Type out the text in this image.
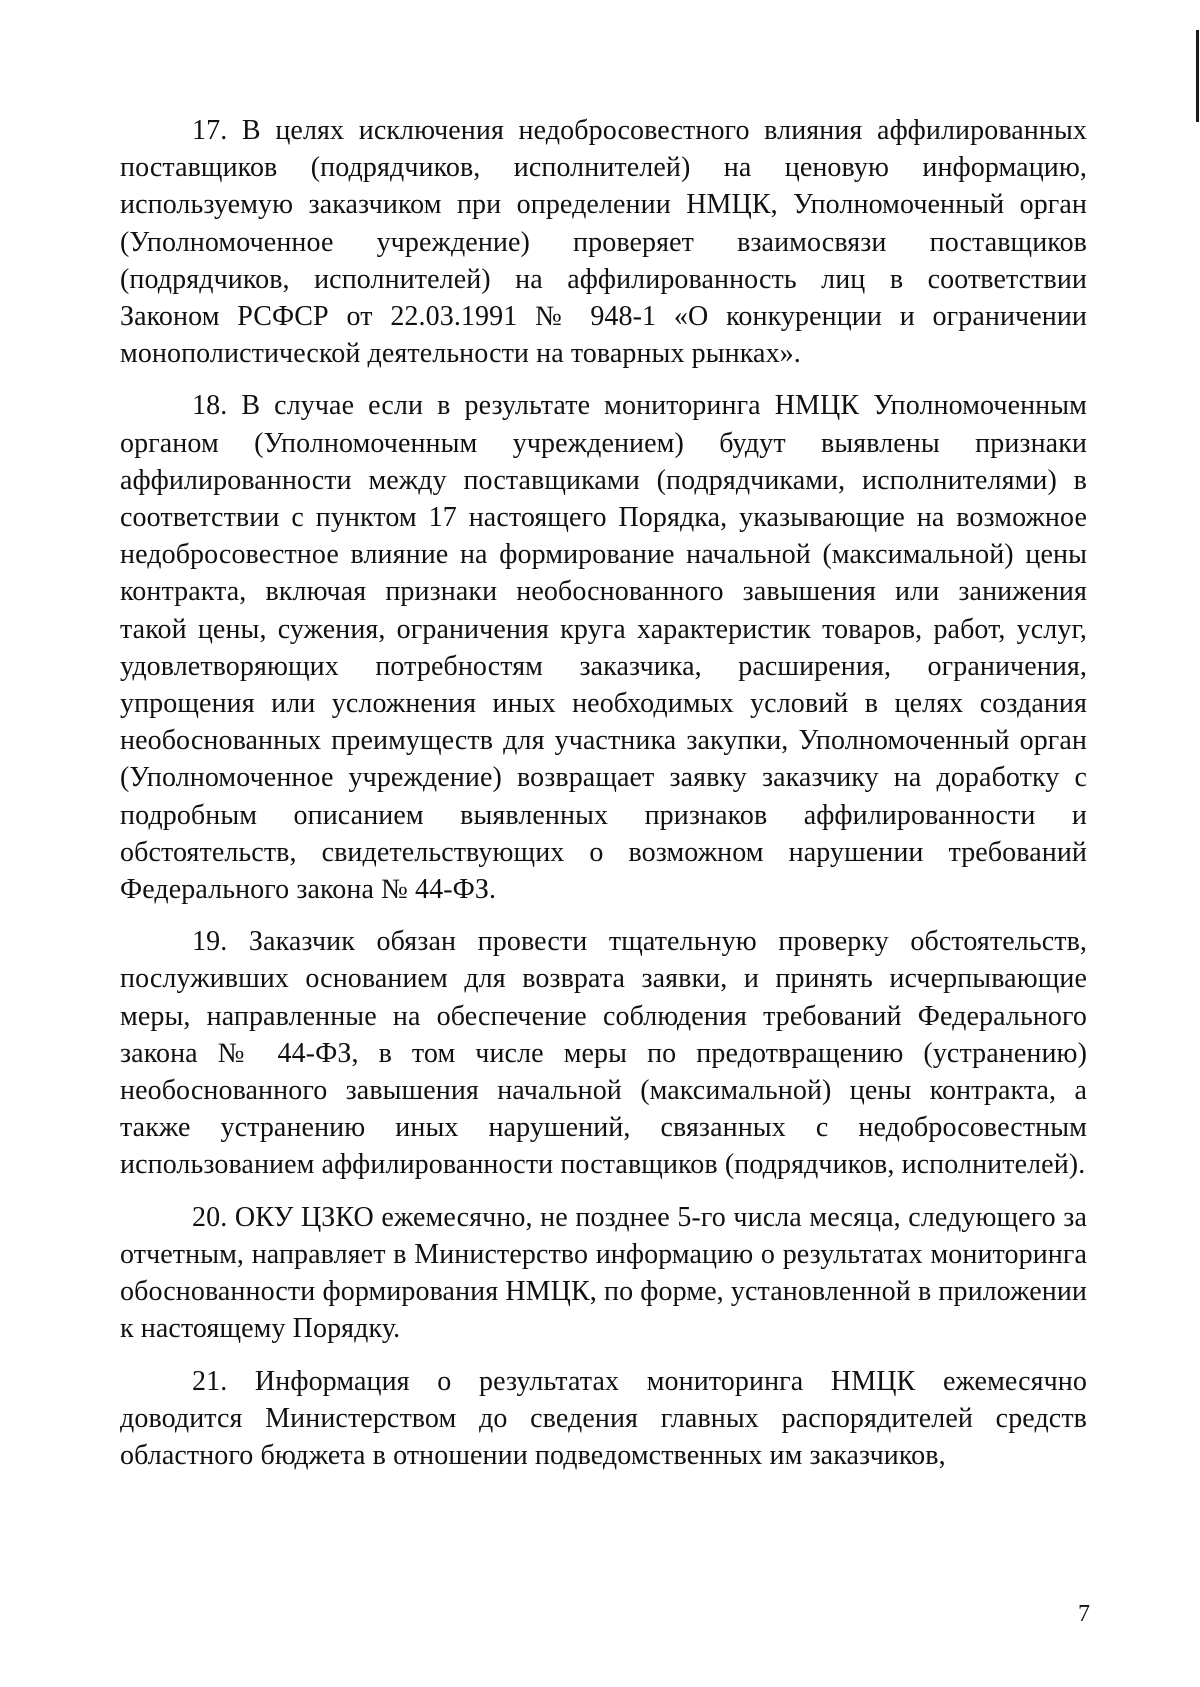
17. В целях исключения недобросовестного влияния аффилированных поставщиков (подрядчиков, исполнителей) на ценовую информацию, используемую заказчиком при определении НМЦК, Уполномоченный орган (Уполномоченное учреждение) проверяет взаимосвязи поставщиков (подрядчиков, исполнителей) на аффилированность лиц в соответствии Законом РСФСР от 22.03.1991 № 948-1 «О конкуренции и ограничении монополистической деятельности на товарных рынках».

18. В случае если в результате мониторинга НМЦК Уполномоченным органом (Уполномоченным учреждением) будут выявлены признаки аффилированности между поставщиками (подрядчиками, исполнителями) в соответствии с пунктом 17 настоящего Порядка, указывающие на возможное недобросовестное влияние на формирование начальной (максимальной) цены контракта, включая признаки необоснованного завышения или занижения такой цены, сужения, ограничения круга характеристик товаров, работ, услуг, удовлетворяющих потребностям заказчика, расширения, ограничения, упрощения или усложнения иных необходимых условий в целях создания необоснованных преимуществ для участника закупки, Уполномоченный орган (Уполномоченное учреждение) возвращает заявку заказчику на доработку с подробным описанием выявленных признаков аффилированности и обстоятельств, свидетельствующих о возможном нарушении требований Федерального закона № 44-ФЗ.

19. Заказчик обязан провести тщательную проверку обстоятельств, послуживших основанием для возврата заявки, и принять исчерпывающие меры, направленные на обеспечение соблюдения требований Федерального закона № 44-ФЗ, в том числе меры по предотвращению (устранению) необоснованного завышения начальной (максимальной) цены контракта, а также устранению иных нарушений, связанных с недобросовестным использованием аффилированности поставщиков (подрядчиков, исполнителей).

20. ОКУ ЦЗКО ежемесячно, не позднее 5-го числа месяца, следующего за отчетным, направляет в Министерство информацию о результатах мониторинга обоснованности формирования НМЦК, по форме, установленной в приложении к настоящему Порядку.

21. Информация о результатах мониторинга НМЦК ежемесячно доводится Министерством до сведения главных распорядителей средств областного бюджета в отношении подведомственных им заказчиков,

7
